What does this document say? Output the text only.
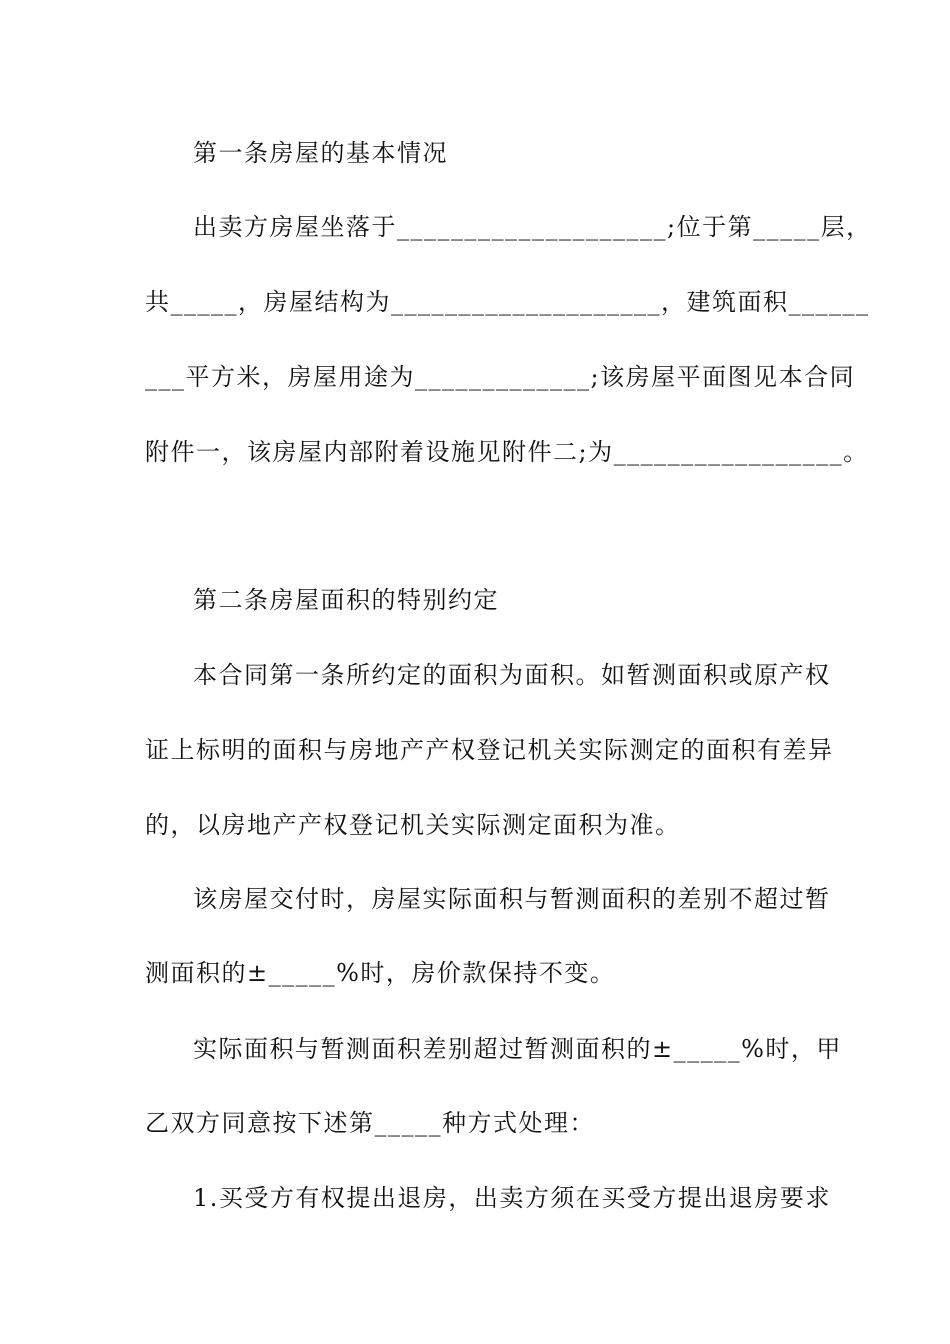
第一条房屋的基本情况
出卖方房屋坐落于____________________;位于第_____层，
共_____，房屋结构为____________________，建筑面积______
___平方米，房屋用途为_____________;该房屋平面图见本合同
附件一，该房屋内部附着设施见附件二;为_________________。
第二条房屋面积的特别约定
本合同第一条所约定的面积为面积。如暂测面积或原产权
证上标明的面积与房地产产权登记机关实际测定的面积有差异
的，以房地产产权登记机关实际测定面积为准。
该房屋交付时，房屋实际面积与暂测面积的差别不超过暂
测面积的±_____%时，房价款保持不变。
实际面积与暂测面积差别超过暂测面积的±_____%时，甲
乙双方同意按下述第_____种方式处理：
1.买受方有权提出退房，出卖方须在买受方提出退房要求
